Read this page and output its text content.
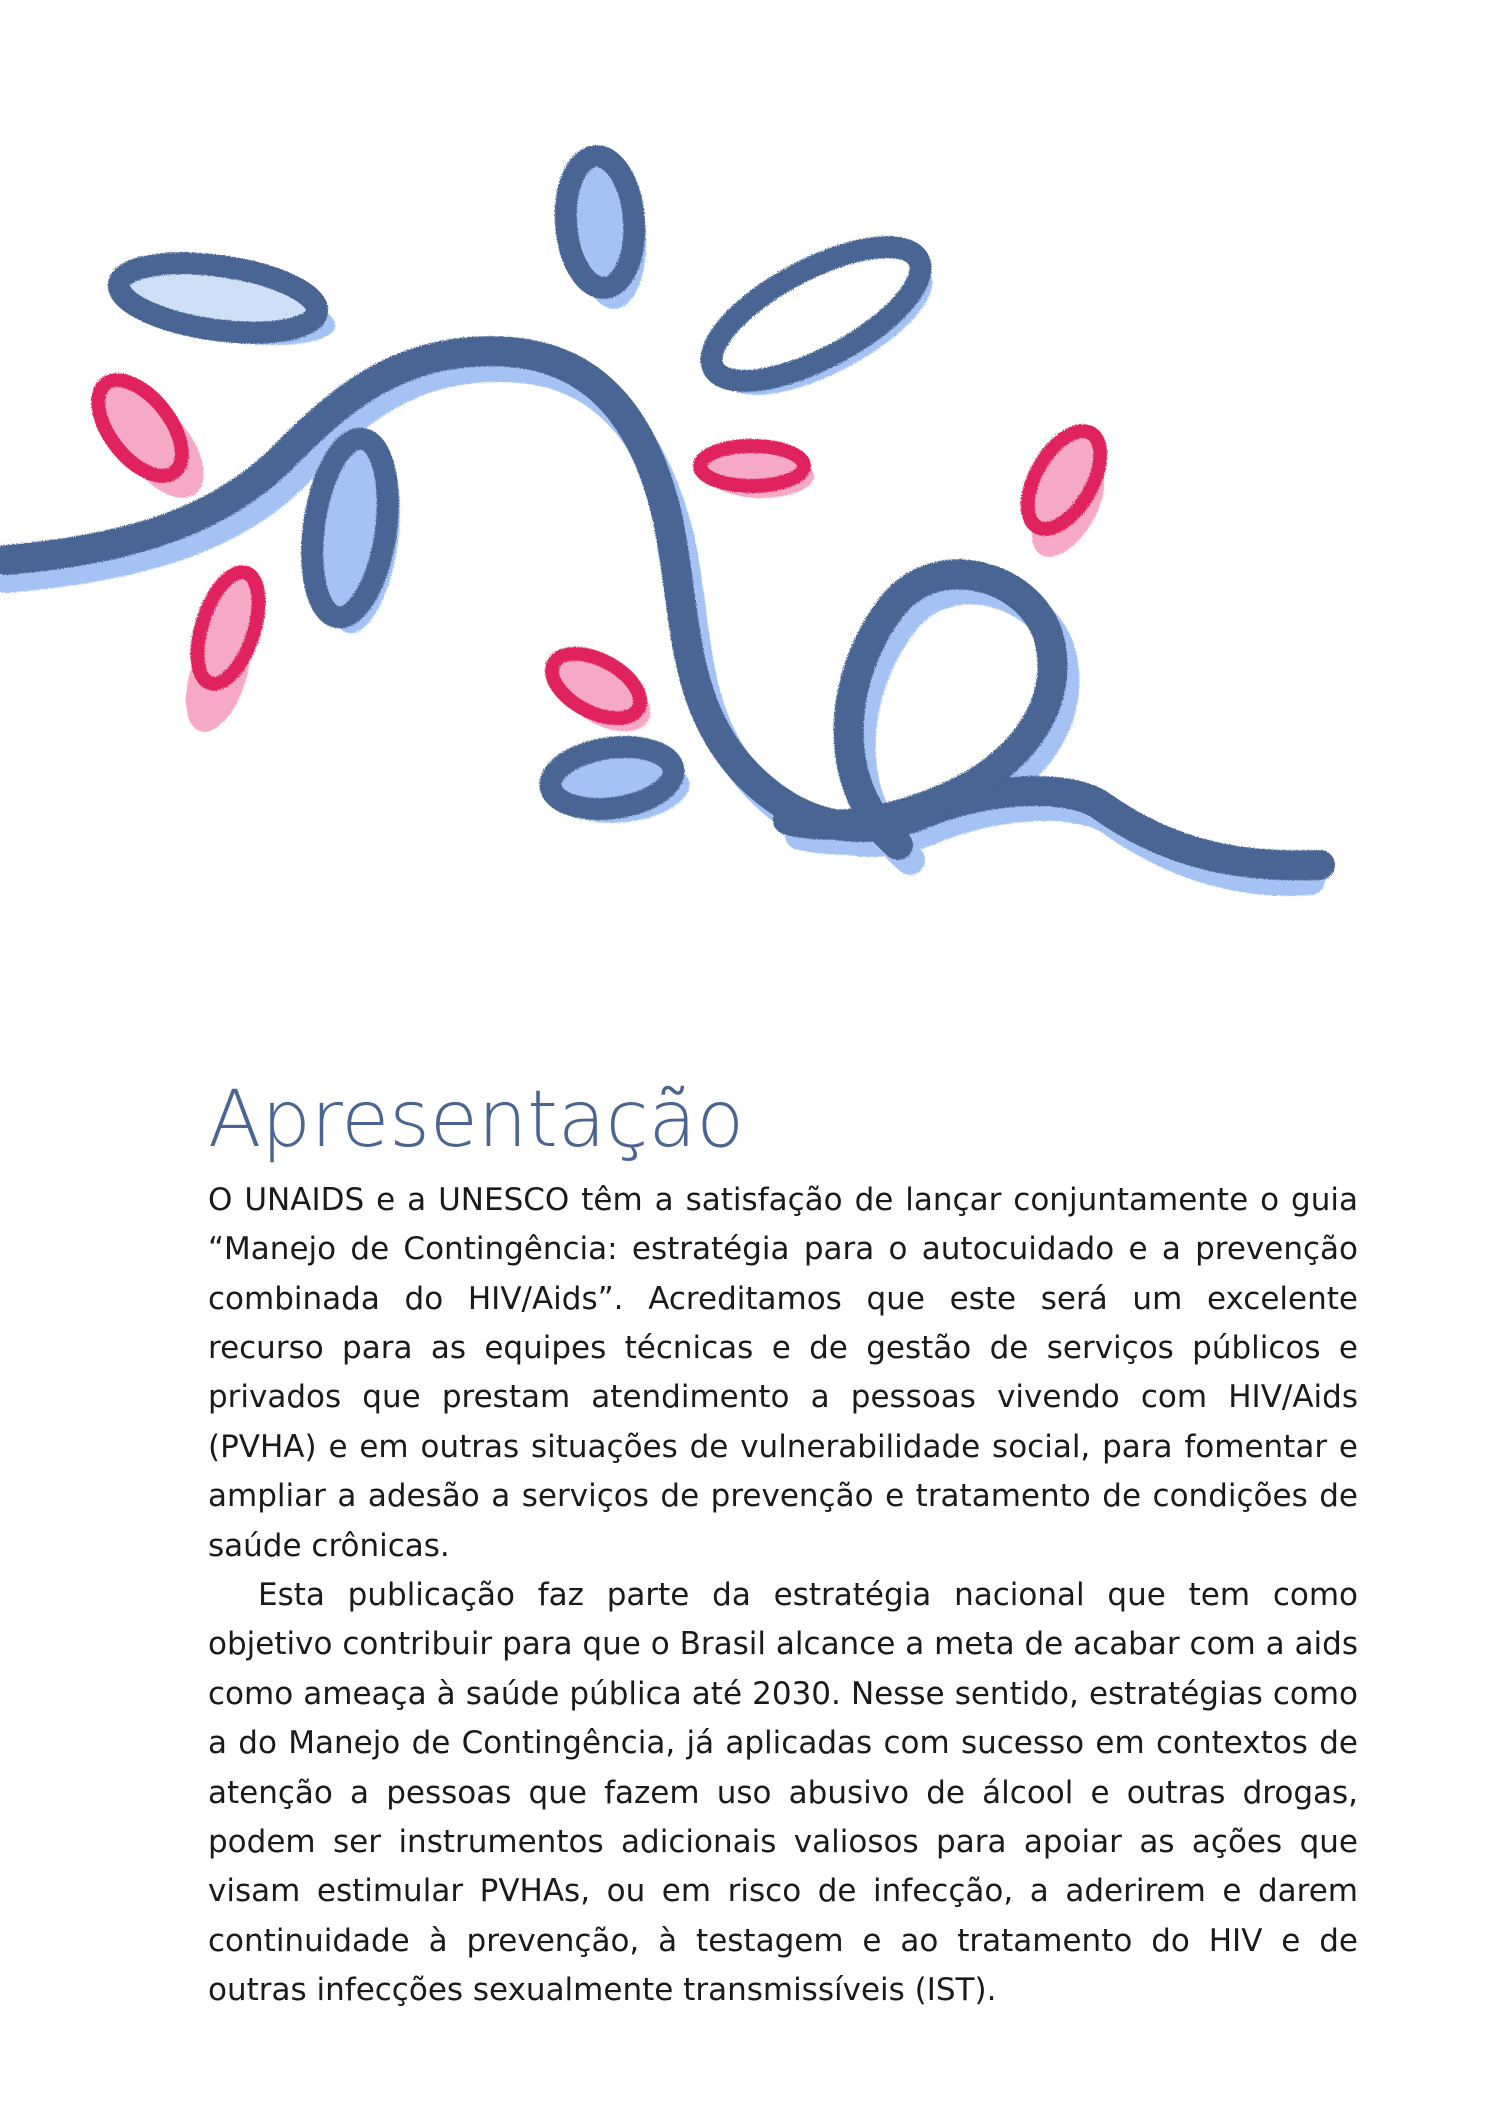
Apresentação

O UNAIDS e a UNESCO têm a satisfação de lançar conjuntamente o guia “Manejo de Contingência: estratégia para o autocuidado e a prevenção combinada do HIV/Aids”. Acreditamos que este será um excelente recurso para as equipes técnicas e de gestão de serviços públicos e privados que prestam atendimento a pessoas vivendo com HIV/Aids (PVHA) e em outras situações de vulnerabilidade social, para fomentar e ampliar a adesão a serviços de prevenção e tratamento de condições de saúde crônicas.

Esta publicação faz parte da estratégia nacional que tem como objetivo contribuir para que o Brasil alcance a meta de acabar com a aids como ameaça à saúde pública até 2030. Nesse sentido, estratégias como a do Manejo de Contingência, já aplicadas com sucesso em contextos de atenção a pessoas que fazem uso abusivo de álcool e outras drogas, podem ser instrumentos adicionais valiosos para apoiar as ações que visam estimular PVHAs, ou em risco de infecção, a aderirem e darem continuidade à prevenção, à testagem e ao tratamento do HIV e de outras infecções sexualmente transmissíveis (IST).
